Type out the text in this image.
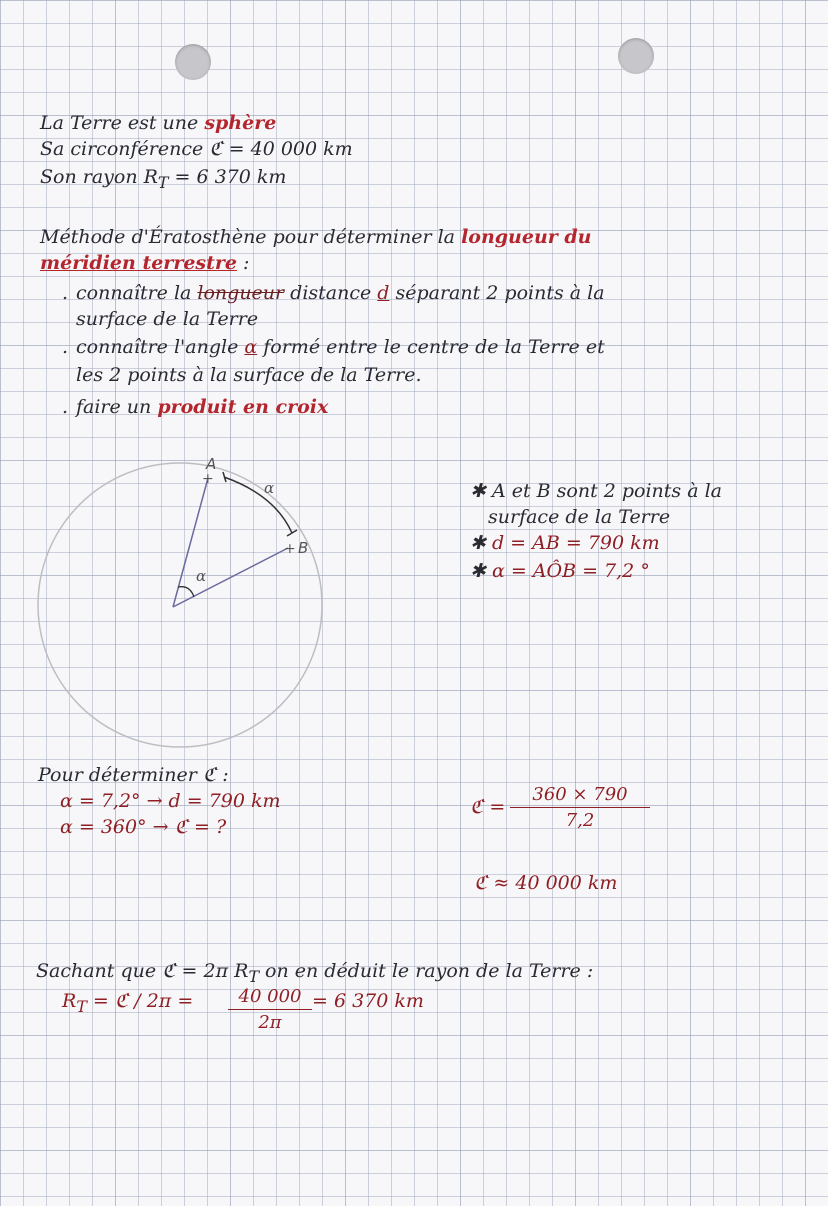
La Terre est une sphère
Sa circonférence ℭ = 40 000 km
Son rayon $R_T = 6$ 370 km
Méthode d'Ératosthène pour déterminer la longueur du
méridien terrestre :
. connaître la longueur distance d séparant 2 points à la
surface de la Terre
. connaître l'angle α formé entre le centre de la Terre et
les 2 points à la surface de la Terre.
. faire un produit en croix
+
+
A
B
α
α
✱ A et B sont 2 points à la
surface de la Terre
✱ d = AB = 790 km
✱ α = AÔB = 7,2 °
Pour déterminer ℭ :
α = 7,2° → d = 790 km
α = 360° → ℭ = ?
ℭ = $\frac{360 \times 790}{7,2}$
ℭ ≈ 40 000 km
Sachant que ℭ = 2π $R_T$ on en déduit le rayon de la Terre :
$R_T$ = ℭ / $2\pi = \frac{40 000}{2\pi} = 6$ 370 km
